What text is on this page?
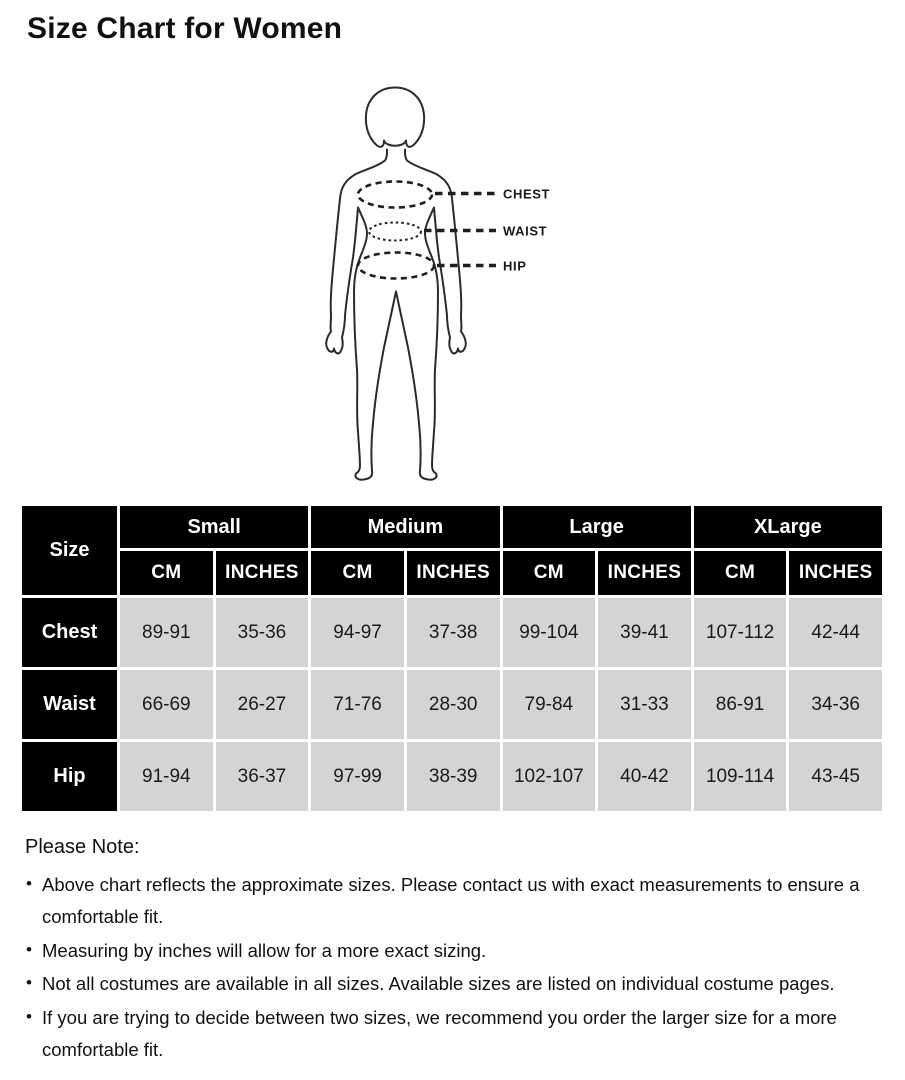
Size Chart for Women
CHEST
WAIST
HIP
Size	Small		Medium		Large		XLarge	
	CM	INCHES	CM	INCHES	CM	INCHES	CM	INCHES
Chest	89-91	35-36	94-97	37-38	99-104	39-41	107-112	42-44
Waist	66-69	26-27	71-76	28-30	79-84	31-33	86-91	34-36
Hip	91-94	36-37	97-99	38-39	102-107	40-42	109-114	43-45

Please Note:

• Above chart reflects the approximate sizes. Please contact us with exact measurements to ensure a comfortable fit.
• Measuring by inches will allow for a more exact sizing.
• Not all costumes are available in all sizes. Available sizes are listed on individual costume pages.
• If you are trying to decide between two sizes, we recommend you order the larger size for a more comfortable fit.
